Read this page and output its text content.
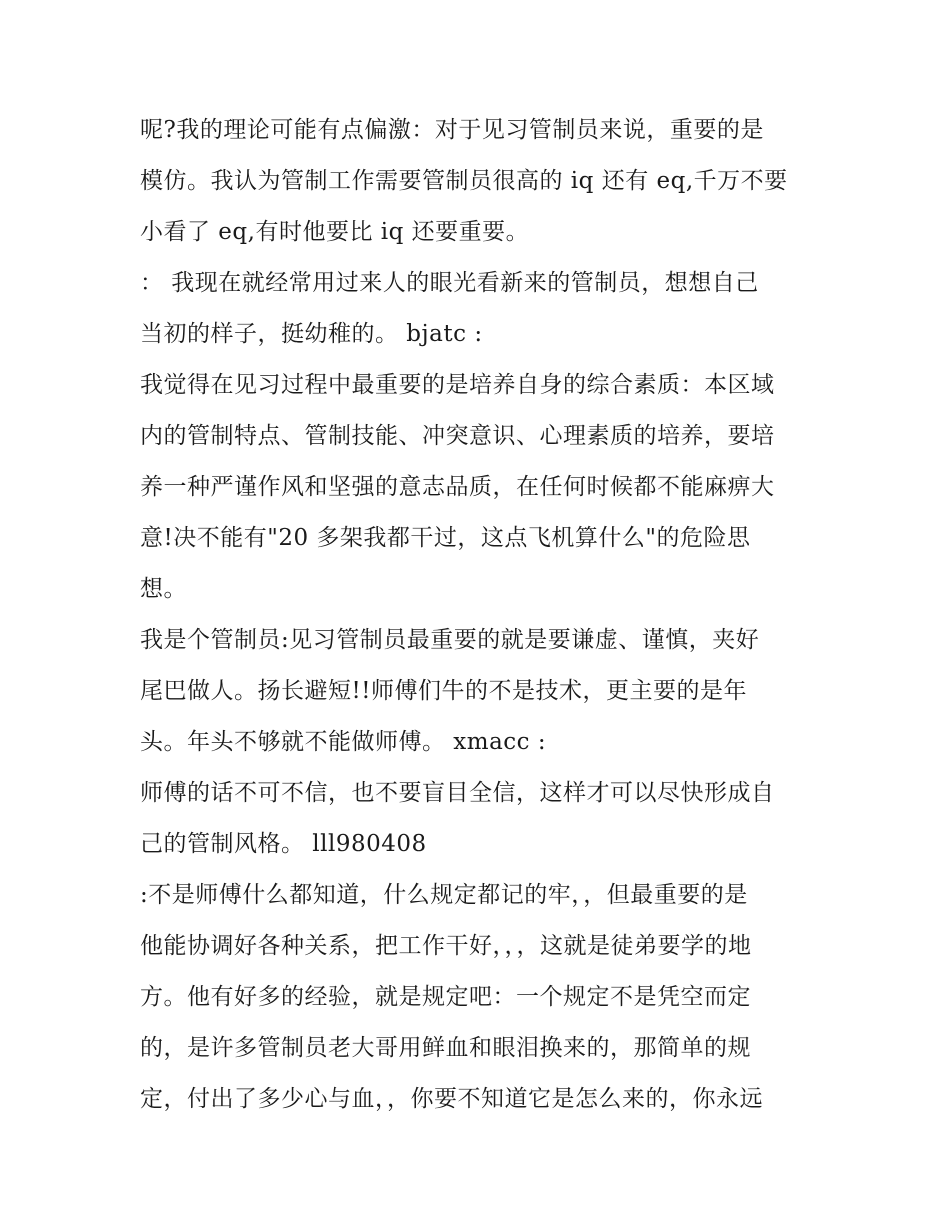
呢?我的理论可能有点偏激：对于见习管制员来说，重要的是
模仿。我认为管制工作需要管制员很高的 iq 还有 eq,千万不要
小看了 eq,有时他要比 iq 还要重要。
： 我现在就经常用过来人的眼光看新来的管制员，想想自己
当初的样子，挺幼稚的。 bjatc :
我觉得在见习过程中最重要的是培养自身的综合素质：本区域
内的管制特点、管制技能、冲突意识、心理素质的培养，要培
养一种严谨作风和坚强的意志品质，在任何时候都不能麻痹大
意!决不能有"20 多架我都干过，这点飞机算什么"的危险思
想。
我是个管制员:见习管制员最重要的就是要谦虚、谨慎，夹好
尾巴做人。扬长避短!!师傅们牛的不是技术，更主要的是年
头。年头不够就不能做师傅。 xmacc :
师傅的话不可不信，也不要盲目全信，这样才可以尽快形成自
己的管制风格。 lll980408
:不是师傅什么都知道，什么规定都记的牢，，但最重要的是
他能协调好各种关系，把工作干好，，，这就是徒弟要学的地
方。他有好多的经验，就是规定吧：一个规定不是凭空而定
的，是许多管制员老大哥用鲜血和眼泪换来的，那简单的规
定，付出了多少心与血，，你要不知道它是怎么来的，你永远
